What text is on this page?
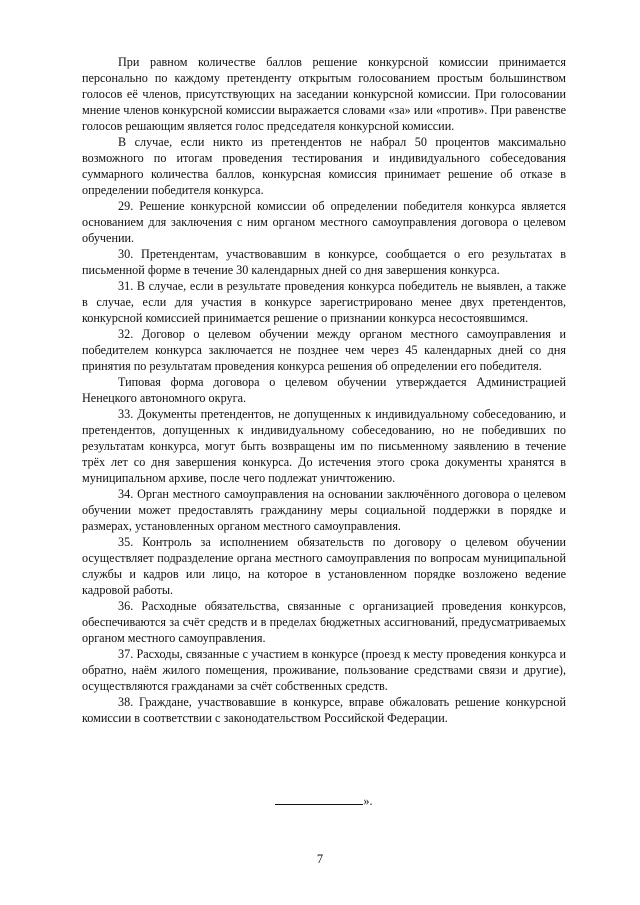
При равном количестве баллов решение конкурсной комиссии принимается персонально по каждому претенденту открытым голосованием простым большинством голосов её членов, присутствующих на заседании конкурсной комиссии. При голосовании мнение членов конкурсной комиссии выражается словами «за» или «против». При равенстве голосов решающим является голос председателя конкурсной комиссии.

В случае, если никто из претендентов не набрал 50 процентов максимально возможного по итогам проведения тестирования и индивидуального собеседования суммарного количества баллов, конкурсная комиссия принимает решение об отказе в определении победителя конкурса.

29. Решение конкурсной комиссии об определении победителя конкурса является основанием для заключения с ним органом местного самоуправления договора о целевом обучении.

30. Претендентам, участвовавшим в конкурсе, сообщается о его результатах в письменной форме в течение 30 календарных дней со дня завершения конкурса.

31. В случае, если в результате проведения конкурса победитель не выявлен, а также в случае, если для участия в конкурсе зарегистрировано менее двух претендентов, конкурсной комиссией принимается решение о признании конкурса несостоявшимся.

32. Договор о целевом обучении между органом местного самоуправления и победителем конкурса заключается не позднее чем через 45 календарных дней со дня принятия по результатам проведения конкурса решения об определении его победителя.

Типовая форма договора о целевом обучении утверждается Администрацией Ненецкого автономного округа.

33. Документы претендентов, не допущенных к индивидуальному собеседованию, и претендентов, допущенных к индивидуальному собеседованию, но не победивших по результатам конкурса, могут быть возвращены им по письменному заявлению в течение трёх лет со дня завершения конкурса. До истечения этого срока документы хранятся в муниципальном архиве, после чего подлежат уничтожению.

34. Орган местного самоуправления на основании заключённого договора о целевом обучении может предоставлять гражданину меры социальной поддержки в порядке и размерах, установленных органом местного самоуправления.

35. Контроль за исполнением обязательств по договору о целевом обучении осуществляет подразделение органа местного самоуправления по вопросам муниципальной службы и кадров или лицо, на которое в установленном порядке возложено ведение кадровой работы.

36. Расходные обязательства, связанные с организацией проведения конкурсов, обеспечиваются за счёт средств и в пределах бюджетных ассигнований, предусматриваемых органом местного самоуправления.

37. Расходы, связанные с участием в конкурсе (проезд к месту проведения конкурса и обратно, наём жилого помещения, проживание, пользование средствами связи и другие), осуществляются гражданами за счёт собственных средств.

38. Граждане, участвовавшие в конкурсе, вправе обжаловать решение конкурсной комиссии в соответствии с законодательством Российской Федерации.

».
7
